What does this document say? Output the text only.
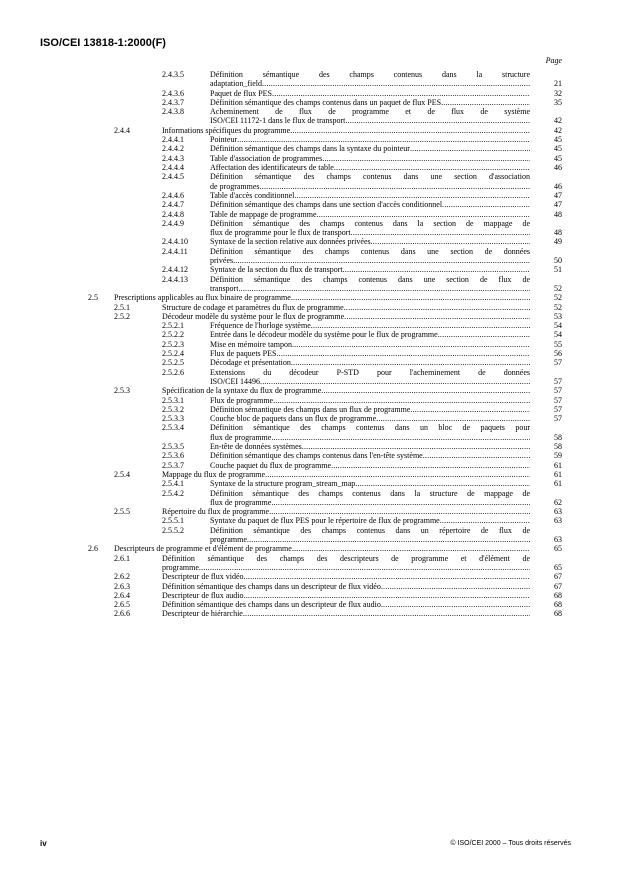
ISO/CEI 13818-1:2000(F)
Page
2.4.3.5	Définition sémantique des champs contenus dans la structure
adaptation_field .....	21
2.4.3.6	Paquet de flux PES .....	32
2.4.3.7	Définition sémantique des champs contenus dans un paquet de flux PES .....	35
2.4.3.8	Acheminement de flux de programme et de flux de système
ISO/CEI 11172-1 dans le flux de transport .....	42
2.4.4	Informations spécifiques du programme .....	42
2.4.4.1	Pointeur .....	45
2.4.4.2	Définition sémantique des champs dans la syntaxe du pointeur .....	45
2.4.4.3	Table d'association de programmes .....	45
2.4.4.4	Affectation des identificateurs de table .....	46
2.4.4.5	Définition sémantique des champs contenus dans une section d'association
de programmes .....	46
2.4.4.6	Table d'accès conditionnel .....	47
2.4.4.7	Définition sémantique des champs dans une section d'accès conditionnel .....	47
2.4.4.8	Table de mappage de programme .....	48
2.4.4.9	Définition sémantique des champs contenus dans la section de mappage de
flux de programme pour le flux de transport .....	48
2.4.4.10	Syntaxe de la section relative aux données privées .....	49
2.4.4.11	Définition sémantique des champs contenus dans une section de données
privées .....	50
2.4.4.12	Syntaxe de la section du flux de transport .....	51
2.4.4.13	Définition sémantique des champs contenus dans une section de flux de
transport .....	52
2.5 Prescriptions applicables au flux binaire de programme .....	52
2.5.1	Structure de codage et paramètres du flux de programme .....	52
2.5.2	Décodeur modèle du système pour le flux de programme .....	53
2.5.2.1	Fréquence de l'horloge système .....	54
2.5.2.2	Entrée dans le décodeur modèle du système pour le flux de programme .....	54
2.5.2.3	Mise en mémoire tampon .....	55
2.5.2.4	Flux de paquets PES .....	56
2.5.2.5	Décodage et présentation .....	57
2.5.2.6	Extensions du décodeur P-STD pour l'acheminement de données
ISO/CEI 14496 .....	57
2.5.3	Spécification de la syntaxe du flux de programme .....	57
2.5.3.1	Flux de programme .....	57
2.5.3.2	Définition sémantique des champs dans un flux de programme .....	57
2.5.3.3	Couche bloc de paquets dans un flux de programme .....	57
2.5.3.4	Définition sémantique des champs contenus dans un bloc de paquets pour
flux de programme .....	58
2.5.3.5	En-tête de données systèmes .....	58
2.5.3.6	Définition sémantique des champs contenus dans l'en-tête système .....	59
2.5.3.7	Couche paquet du flux de programme .....	61
2.5.4	Mappage du flux de programme .....	61
2.5.4.1	Syntaxe de la structure program_stream_map .....	61
2.5.4.2	Définition sémantique des champs contenus dans la structure de mappage de
flux de programme .....	62
2.5.5	Répertoire du flux de programme .....	63
2.5.5.1	Syntaxe du paquet de flux PES pour le répertoire de flux de programme .....	63
2.5.5.2	Définition sémantique des champs contenus dans un répertoire de flux de
programme .....	63
2.6 Descripteurs de programme et d'élément de programme .....	65
2.6.1	Définition sémantique des champs des descripteurs de programme et d'élément de
programme .....	65
2.6.2	Descripteur de flux vidéo .....	67
2.6.3	Définition sémantique des champs dans un descripteur de flux vidéo .....	67
2.6.4	Descripteur de flux audio .....	68
2.6.5	Définition sémantique des champs dans un descripteur de flux audio .....	68
2.6.6	Descripteur de hiérarchie .....	68
iv	© ISO/CEI 2000 – Tous droits réservés
